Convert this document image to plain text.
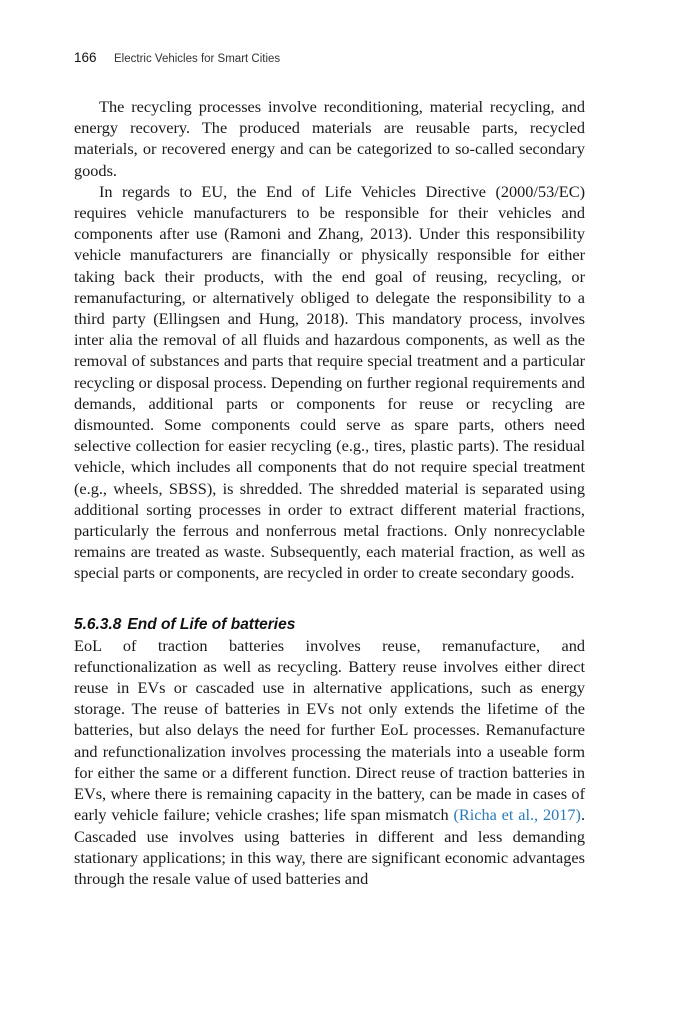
166 Electric Vehicles for Smart Cities

The recycling processes involve reconditioning, material recycling, and energy recovery. The produced materials are reusable parts, recycled materials, or recovered energy and can be categorized to so-called secondary goods.

In regards to EU, the End of Life Vehicles Directive (2000/53/EC) requires vehicle manufacturers to be responsible for their vehicles and components after use (Ramoni and Zhang, 2013). Under this responsibility vehicle manufacturers are financially or physically responsible for either taking back their products, with the end goal of reusing, recycling, or remanufacturing, or alternatively obliged to delegate the responsibility to a third party (Ellingsen and Hung, 2018). This mandatory process, involves inter alia the removal of all fluids and hazardous components, as well as the removal of substances and parts that require special treatment and a particular recycling or disposal process. Depending on further regional requirements and demands, additional parts or components for reuse or recycling are dismounted. Some components could serve as spare parts, others need selective collection for easier recycling (e.g., tires, plastic parts). The residual vehicle, which includes all components that do not require special treatment (e.g., wheels, SBSS), is shredded. The shredded material is separated using additional sorting processes in order to extract different material fractions, particularly the ferrous and nonferrous metal fractions. Only nonrecyclable remains are treated as waste. Subsequently, each material fraction, as well as special parts or components, are recycled in order to create secondary goods.

5.6.3.8 End of Life of batteries

EoL of traction batteries involves reuse, remanufacture, and refunctionalization as well as recycling. Battery reuse involves either direct reuse in EVs or cascaded use in alternative applications, such as energy storage. The reuse of batteries in EVs not only extends the lifetime of the batteries, but also delays the need for further EoL processes. Remanufacture and refunctionalization involves processing the materials into a useable form for either the same or a different function. Direct reuse of traction batteries in EVs, where there is remaining capacity in the battery, can be made in cases of early vehicle failure; vehicle crashes; life span mismatch (Richa et al., 2017). Cascaded use involves using batteries in different and less demanding stationary applications; in this way, there are significant economic advantages through the resale value of used batteries and
